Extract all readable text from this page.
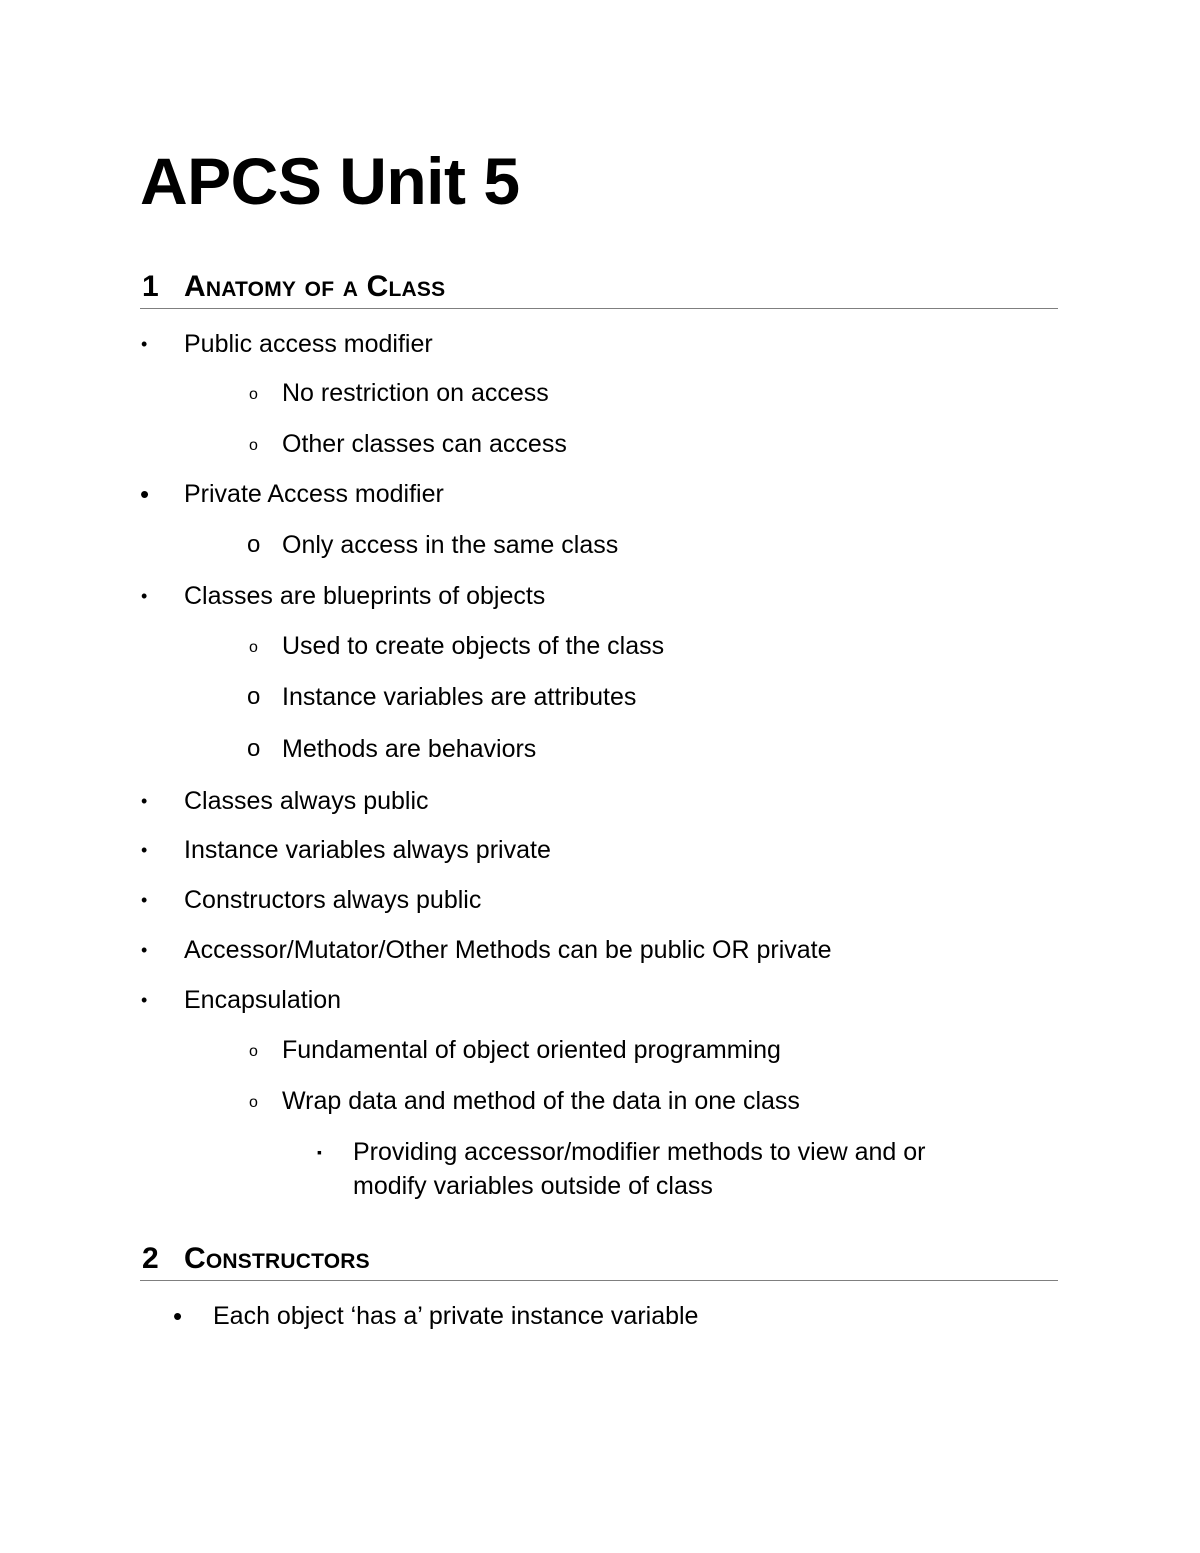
APCS Unit 5
1 Anatomy of a Class
• Public access modifier
o No restriction on access
o Other classes can access
• Private Access modifier
o Only access in the same class
• Classes are blueprints of objects
o Used to create objects of the class
o Instance variables are attributes
o Methods are behaviors
• Classes always public
• Instance variables always private
• Constructors always public
• Accessor/Mutator/Other Methods can be public OR private
• Encapsulation
o Fundamental of object oriented programming
o Wrap data and method of the data in one class
▪ Providing accessor/modifier methods to view and or
modify variables outside of class
2 Constructors
• Each object ‘has a’ private instance variable
